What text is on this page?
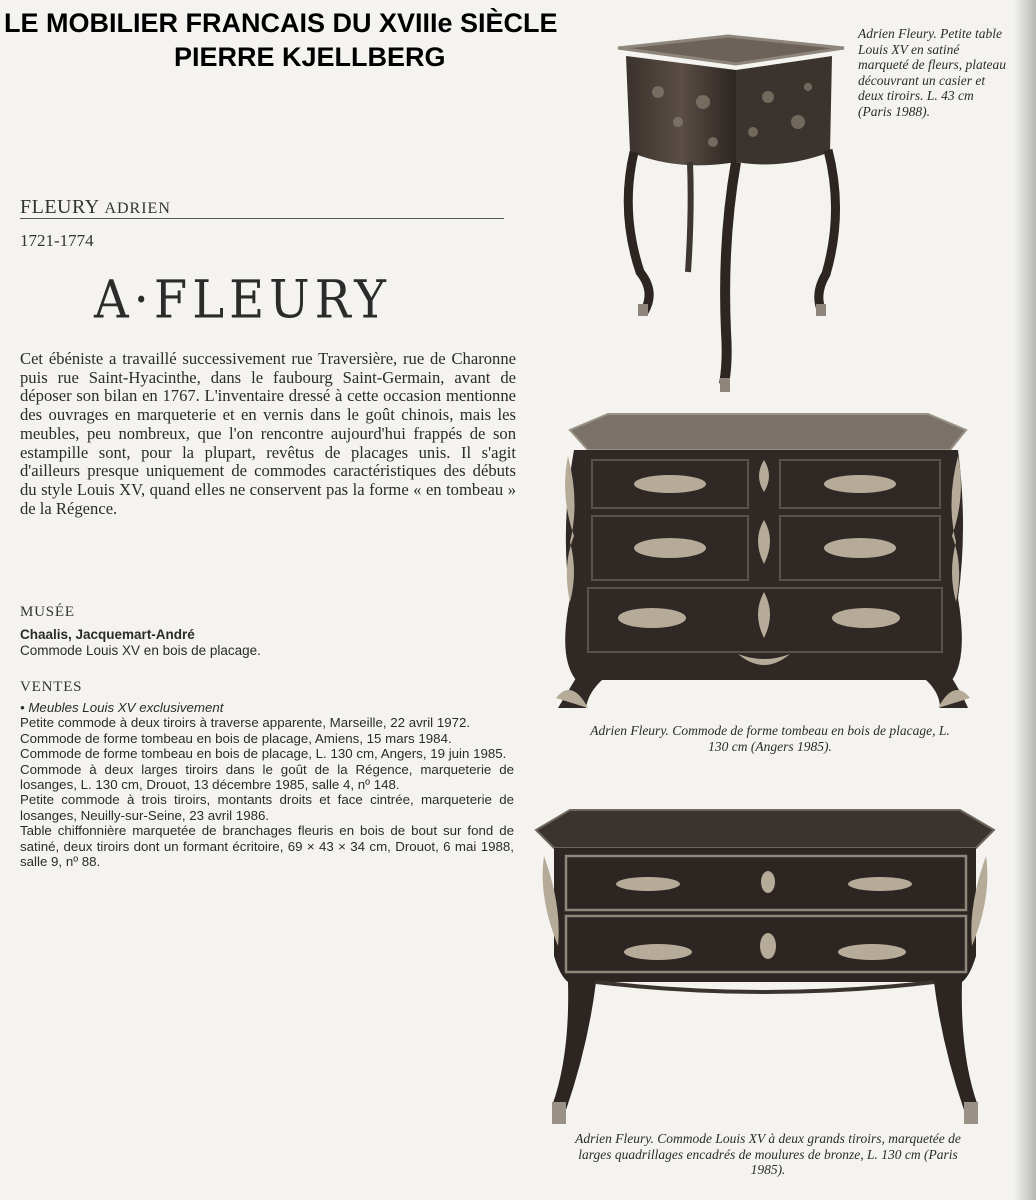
LE MOBILIER FRANCAIS DU XVIIIe SIÈCLE
PIERRE KJELLBERG
Adrien Fleury. Petite table Louis XV en satiné marqueté de fleurs, plateau découvrant un casier et deux tiroirs. L. 43 cm (Paris 1988).
FLEURY ADRIEN
1721-1774
A·FLEURY

Cet ébéniste a travaillé successivement rue Traversière, rue de Charonne puis rue Saint-Hyacinthe, dans le faubourg Saint-Germain, avant de déposer son bilan en 1767. L'inventaire dressé à cette occasion mentionne des ouvrages en marqueterie et en vernis dans le goût chinois, mais les meubles, peu nombreux, que l'on rencontre aujourd'hui frappés de son estampille sont, pour la plupart, revêtus de placages unis. Il s'agit d'ailleurs presque uniquement de commodes caractéristiques des débuts du style Louis XV, quand elles ne conservent pas la forme « en tombeau » de la Régence.

MUSÉE
Chaalis, Jacquemart-André
Commode Louis XV en bois de placage.
VENTES

• Meubles Louis XV exclusivement

Petite commode à deux tiroirs à traverse apparente, Marseille, 22 avril 1972.

Commode de forme tombeau en bois de placage, Amiens, 15 mars 1984.

Commode de forme tombeau en bois de placage, L. 130 cm, Angers, 19 juin 1985.

Commode à deux larges tiroirs dans le goût de la Régence, marqueterie de losanges, L. 130 cm, Drouot, 13 décembre 1985, salle 4, nº 148.

Petite commode à trois tiroirs, montants droits et face cintrée, marqueterie de losanges, Neuilly-sur-Seine, 23 avril 1986.

Table chiffonnière marquetée de branchages fleuris en bois de bout sur fond de satiné, deux tiroirs dont un formant écritoire, 69 × 43 × 34 cm, Drouot, 6 mai 1988, salle 9, nº 88.

Adrien Fleury. Commode de forme tombeau en bois de placage, L. 130 cm (Angers 1985).
Adrien Fleury. Commode Louis XV à deux grands tiroirs, marquetée de larges quadrillages encadrés de moulures de bronze, L. 130 cm (Paris 1985).
